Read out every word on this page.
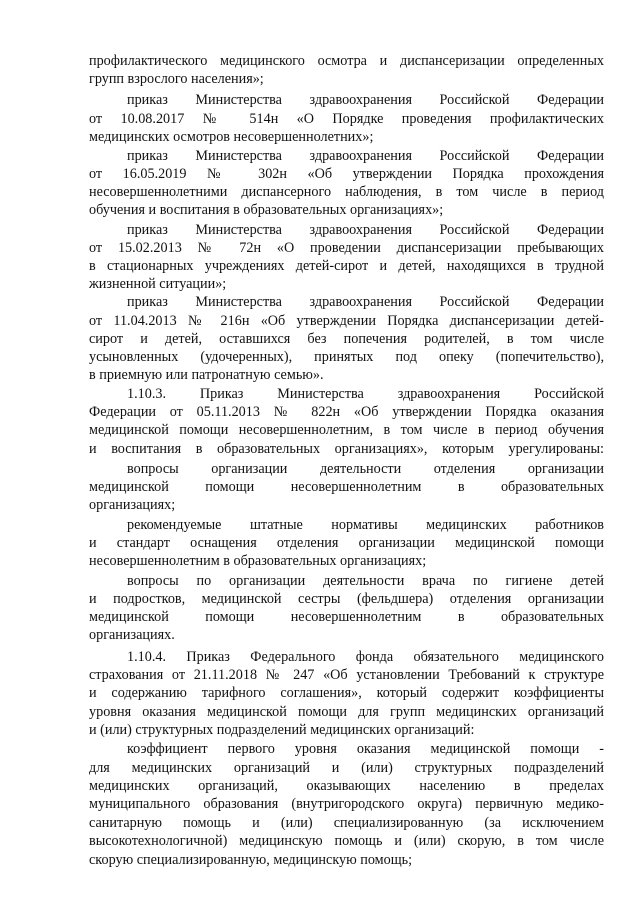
профилактического медицинского осмотра и диспансеризации определенных
групп взрослого населения»;
приказ Министерства здравоохранения Российской Федерации
от 10.08.2017 № 514н «О Порядке проведения профилактических
медицинских осмотров несовершеннолетних»;
приказ Министерства здравоохранения Российской Федерации
от 16.05.2019 № 302н «Об утверждении Порядка прохождения
несовершеннолетними диспансерного наблюдения, в том числе в период
обучения и воспитания в образовательных организациях»;
приказ Министерства здравоохранения Российской Федерации
от 15.02.2013 № 72н «О проведении диспансеризации пребывающих
в стационарных учреждениях детей-сирот и детей, находящихся в трудной
жизненной ситуации»;
приказ Министерства здравоохранения Российской Федерации
от 11.04.2013 № 216н «Об утверждении Порядка диспансеризации детей-
сирот и детей, оставшихся без попечения родителей, в том числе
усыновленных (удочеренных), принятых под опеку (попечительство),
в приемную или патронатную семью».
1.10.3. Приказ Министерства здравоохранения Российской
Федерации от 05.11.2013 № 822н «Об утверждении Порядка оказания
медицинской помощи несовершеннолетним, в том числе в период обучения
и воспитания в образовательных организациях», которым урегулированы:
вопросы организации деятельности отделения организации
медицинской помощи несовершеннолетним в образовательных
организациях;
рекомендуемые штатные нормативы медицинских работников
и стандарт оснащения отделения организации медицинской помощи
несовершеннолетним в образовательных организациях;
вопросы по организации деятельности врача по гигиене детей
и подростков, медицинской сестры (фельдшера) отделения организации
медицинской помощи несовершеннолетним в образовательных
организациях.
1.10.4. Приказ Федерального фонда обязательного медицинского
страхования от 21.11.2018 № 247 «Об установлении Требований к структуре
и содержанию тарифного соглашения», который содержит коэффициенты
уровня оказания медицинской помощи для групп медицинских организаций
и (или) структурных подразделений медицинских организаций:
коэффициент первого уровня оказания медицинской помощи -
для медицинских организаций и (или) структурных подразделений
медицинских организаций, оказывающих населению в пределах
муниципального образования (внутригородского округа) первичную медико-
санитарную помощь и (или) специализированную (за исключением
высокотехнологичной) медицинскую помощь и (или) скорую, в том числе
скорую специализированную, медицинскую помощь;
